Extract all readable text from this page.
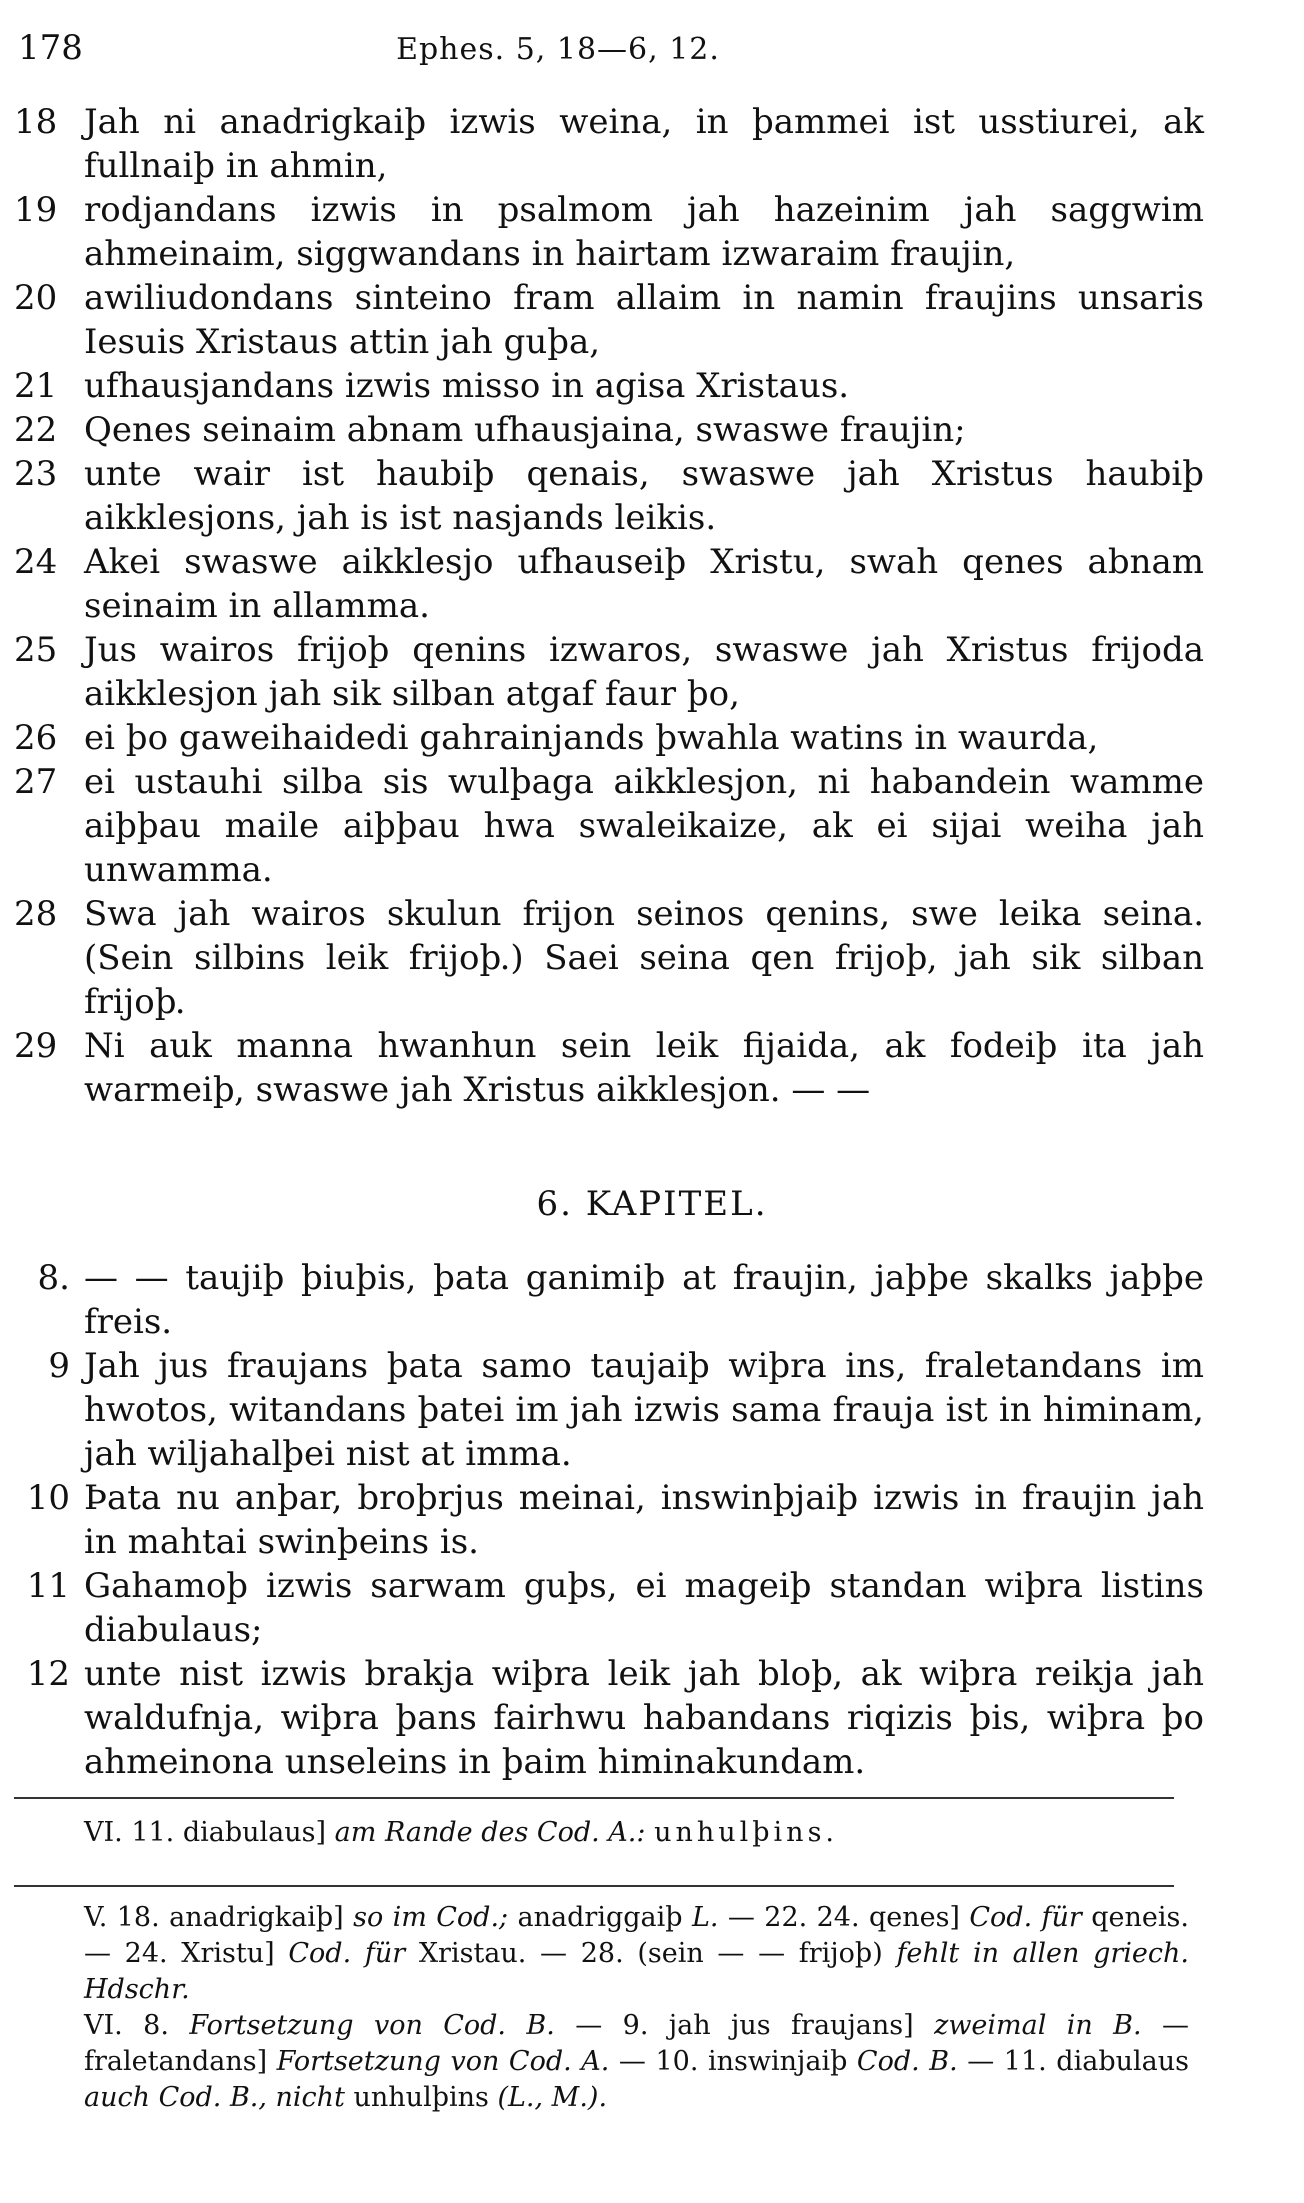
178	Ephes. 5, 18—6, 12.
18 Jah ni anadrigkaiþ izwis weina, in þammei ist usstiurei, ak fullnaiþ in ahmin,
19 rodjandans izwis in psalmom jah hazeinim jah saggwim ahmeinaim, siggwandans in hairtam izwaraim fraujin,
20 awiliudondans sinteino fram allaim in namin fraujins unsaris Iesuis Xristaus attin jah guþa,
21 ufhausjandans izwis misso in agisa Xristaus.
22 Qenes seinaim abnam ufhausjaina, swaswe fraujin;
23 unte wair ist haubiþ qenais, swaswe jah Xristus haubiþ aikklesjons, jah is ist nasjands leikis.
24 Akei swaswe aikklesjo ufhauseiþ Xristu, swah qenes abnam seinaim in allamma.
25 Jus wairos frijoþ qenins izwaros, swaswe jah Xristus frijoda aikklesjon jah sik silban atgaf faur þo,
26 ei þo gaweihaidedi gahrainjands þwahla watins in waurda,
27 ei ustauhi silba sis wulþaga aikklesjon, ni habandein wamme aiþþau maile aiþþau hwa swaleikaize, ak ei sijai weiha jah unwamma.
28 Swa jah wairos skulun frijon seinos qenins, swe leika seina. (Sein silbins leik frijoþ.) Saei seina qen frijoþ, jah sik silban frijoþ.
29 Ni auk manna hwanhun sein leik fijaida, ak fodeiþ ita jah warmeiþ, swaswe jah Xristus aikklesjon. — —
6. KAPITEL.
8. — — taujiþ þiuþis, þata ganimiþ at fraujin, jaþþe skalks jaþþe freis.
9 Jah jus fraujans þata samo taujaiþ wiþra ins, fraletandans im hwotos, witandans þatei im jah izwis sama frauja ist in himinam, jah wiljahalþei nist at imma.
10 Þata nu anþar, broþrjus meinai, inswinþjaiþ izwis in fraujin jah in mahtai swinþeins is.
11 Gahamoþ izwis sarwam guþs, ei mageiþ standan wiþra listins diabulaus;
12 unte nist izwis brakja wiþra leik jah bloþ, ak wiþra reikja jah waldufnja, wiþra þans fairhwu habandans riqizis þis, wiþra þo ahmeinona unseleins in þaim himinakundam.

VI. 11. diabulaus] am Rande des Cod. A.: unhulþins.

V. 18. anadrigkaiþ] so im Cod.; anadriggaiþ L. — 22. 24. qenes] Cod. für qeneis. — 24. Xristu] Cod. für Xristau. — 28. (sein — — frijoþ) fehlt in allen griech. Hdschr.

VI. 8. Fortsetzung von Cod. B. — 9. jah jus fraujans] zweimal in B. — fraletandans] Fortsetzung von Cod. A. — 10. inswinjaiþ Cod. B. — 11. diabulaus auch Cod. B., nicht unhulþins (L., M.).
